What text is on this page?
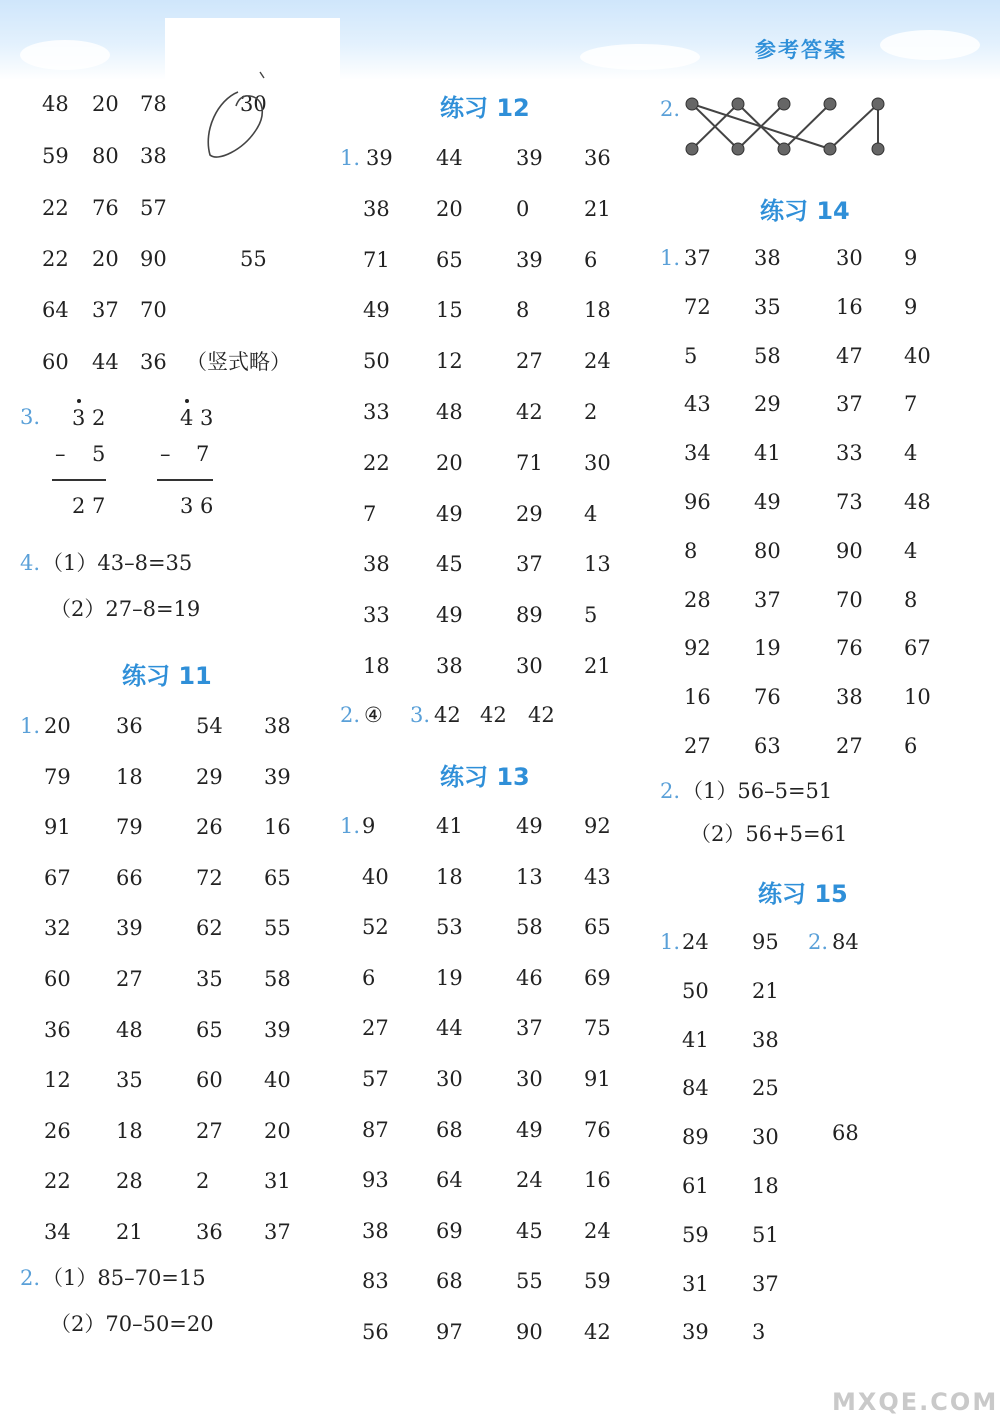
参考答案
48 20 78	30
59 80 38
22 76 57
22 20 90	55
64 37 70
60 44 36 （竖式略）
3. 3 2
– 5
2 7
4 3
– 7
3 6
4. （1）43–8=35
（2）27–8=19
练习 11
1. 20 36	54 38
79 18	29 39
91 79	26 16
67 66	72 65
32 39	62 55
60 27	35 58
36 48	65 39
12 35	60 40
26 18	27 20
22 28	2	31
34 21	36 37
2. （1）85–70=15
（2）70–50=20
练习 12
1. 39 44	39 36
38 20	0	21
71 65	39 6
49 15	8	18
50 12	27 24
33 48	42 2
22 20	71 30
7	49	29 4
38 45	37 13
33 49	89 5
18 38	30 21
2. ④ 3. 42 42 42
练习 13
1. 9	41	49 92
40 18	13 43
52 53	58 65
6	19	46 69
27 44	37 75
57 30	30 91
87 68	49 76
93 64	24 16
38 69	45 24
83 68	55 59
56 97	90 42
2.
练习 14
1. 37 38	30 9
72 35	16 9
5	58	47 40
43 29	37 7
34 41	33 4
96 49	73 48
8	80	90 4
28 37	70 8
92 19	76 67
16 76	38 10
27 63	27 6
2. （1）56–5=51
（2）56+5=61
练习 15
1. 24 95
50 21
41 38
84 25
89 30
61 18
59 51
31 37
39 3
2. 84
68
MXQE.COM
